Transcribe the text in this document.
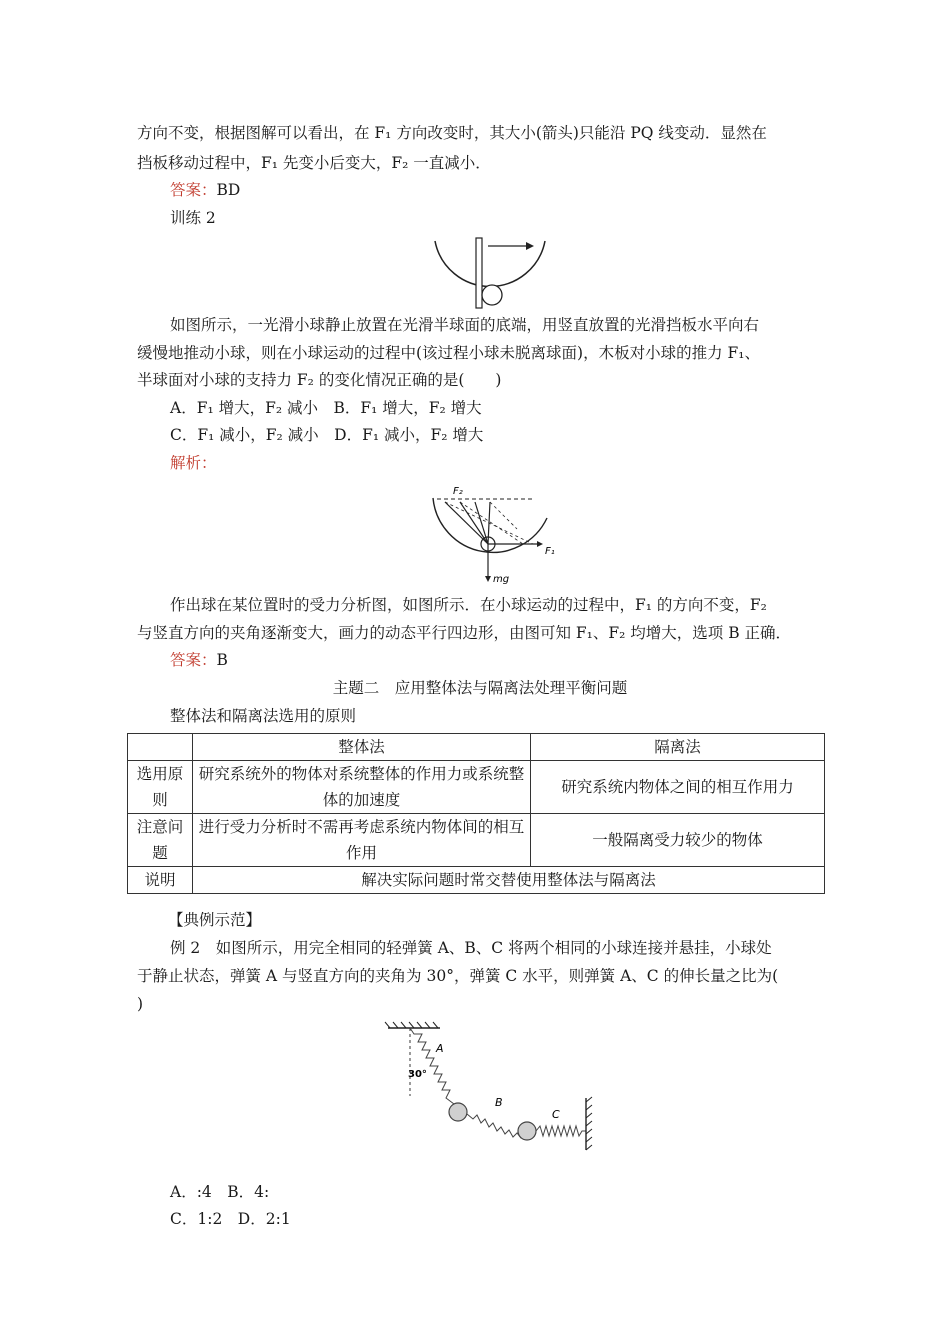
方向不变，根据图解可以看出，在 F₁ 方向改变时，其大小(箭头)只能沿 PQ 线变动．显然在
挡板移动过程中，F₁ 先变小后变大，F₂ 一直减小．
答案：BD
训练 2
如图所示，一光滑小球静止放置在光滑半球面的底端，用竖直放置的光滑挡板水平向右
缓慢地推动小球，则在小球运动的过程中(该过程小球未脱离球面)，木板对小球的推力 F₁、
半球面对小球的支持力 F₂ 的变化情况正确的是(　　)
A．F₁ 增大，F₂ 减小　B．F₁ 增大，F₂ 增大
C．F₁ 减小，F₂ 减小　D．F₁ 减小，F₂ 增大
解析：
F₂
F₁
mg
作出球在某位置时的受力分析图，如图所示．在小球运动的过程中，F₁ 的方向不变，F₂
与竖直方向的夹角逐渐变大，画力的动态平行四边形，由图可知 F₁、F₂ 均增大，选项 B 正确．
答案：B
主题二　应用整体法与隔离法处理平衡问题
整体法和隔离法选用的原则
	整体法	隔离法
选用原则	研究系统外的物体对系统整体的作用力或系统整体的加速度	研究系统内物体之间的相互作用力
注意问题	进行受力分析时不需再考虑系统内物体间的相互作用	一般隔离受力较少的物体
说明	解决实际问题时常交替使用整体法与隔离法	
【典例示范】
例 2　如图所示，用完全相同的轻弹簧 A、B、C 将两个相同的小球连接并悬挂，小球处
于静止状态，弹簧 A 与竖直方向的夹角为 30°，弹簧 C 水平，则弹簧 A、C 的伸长量之比为(
)
A
B
C
30°
A．:4　B．4:
C．1:2　D．2:1
